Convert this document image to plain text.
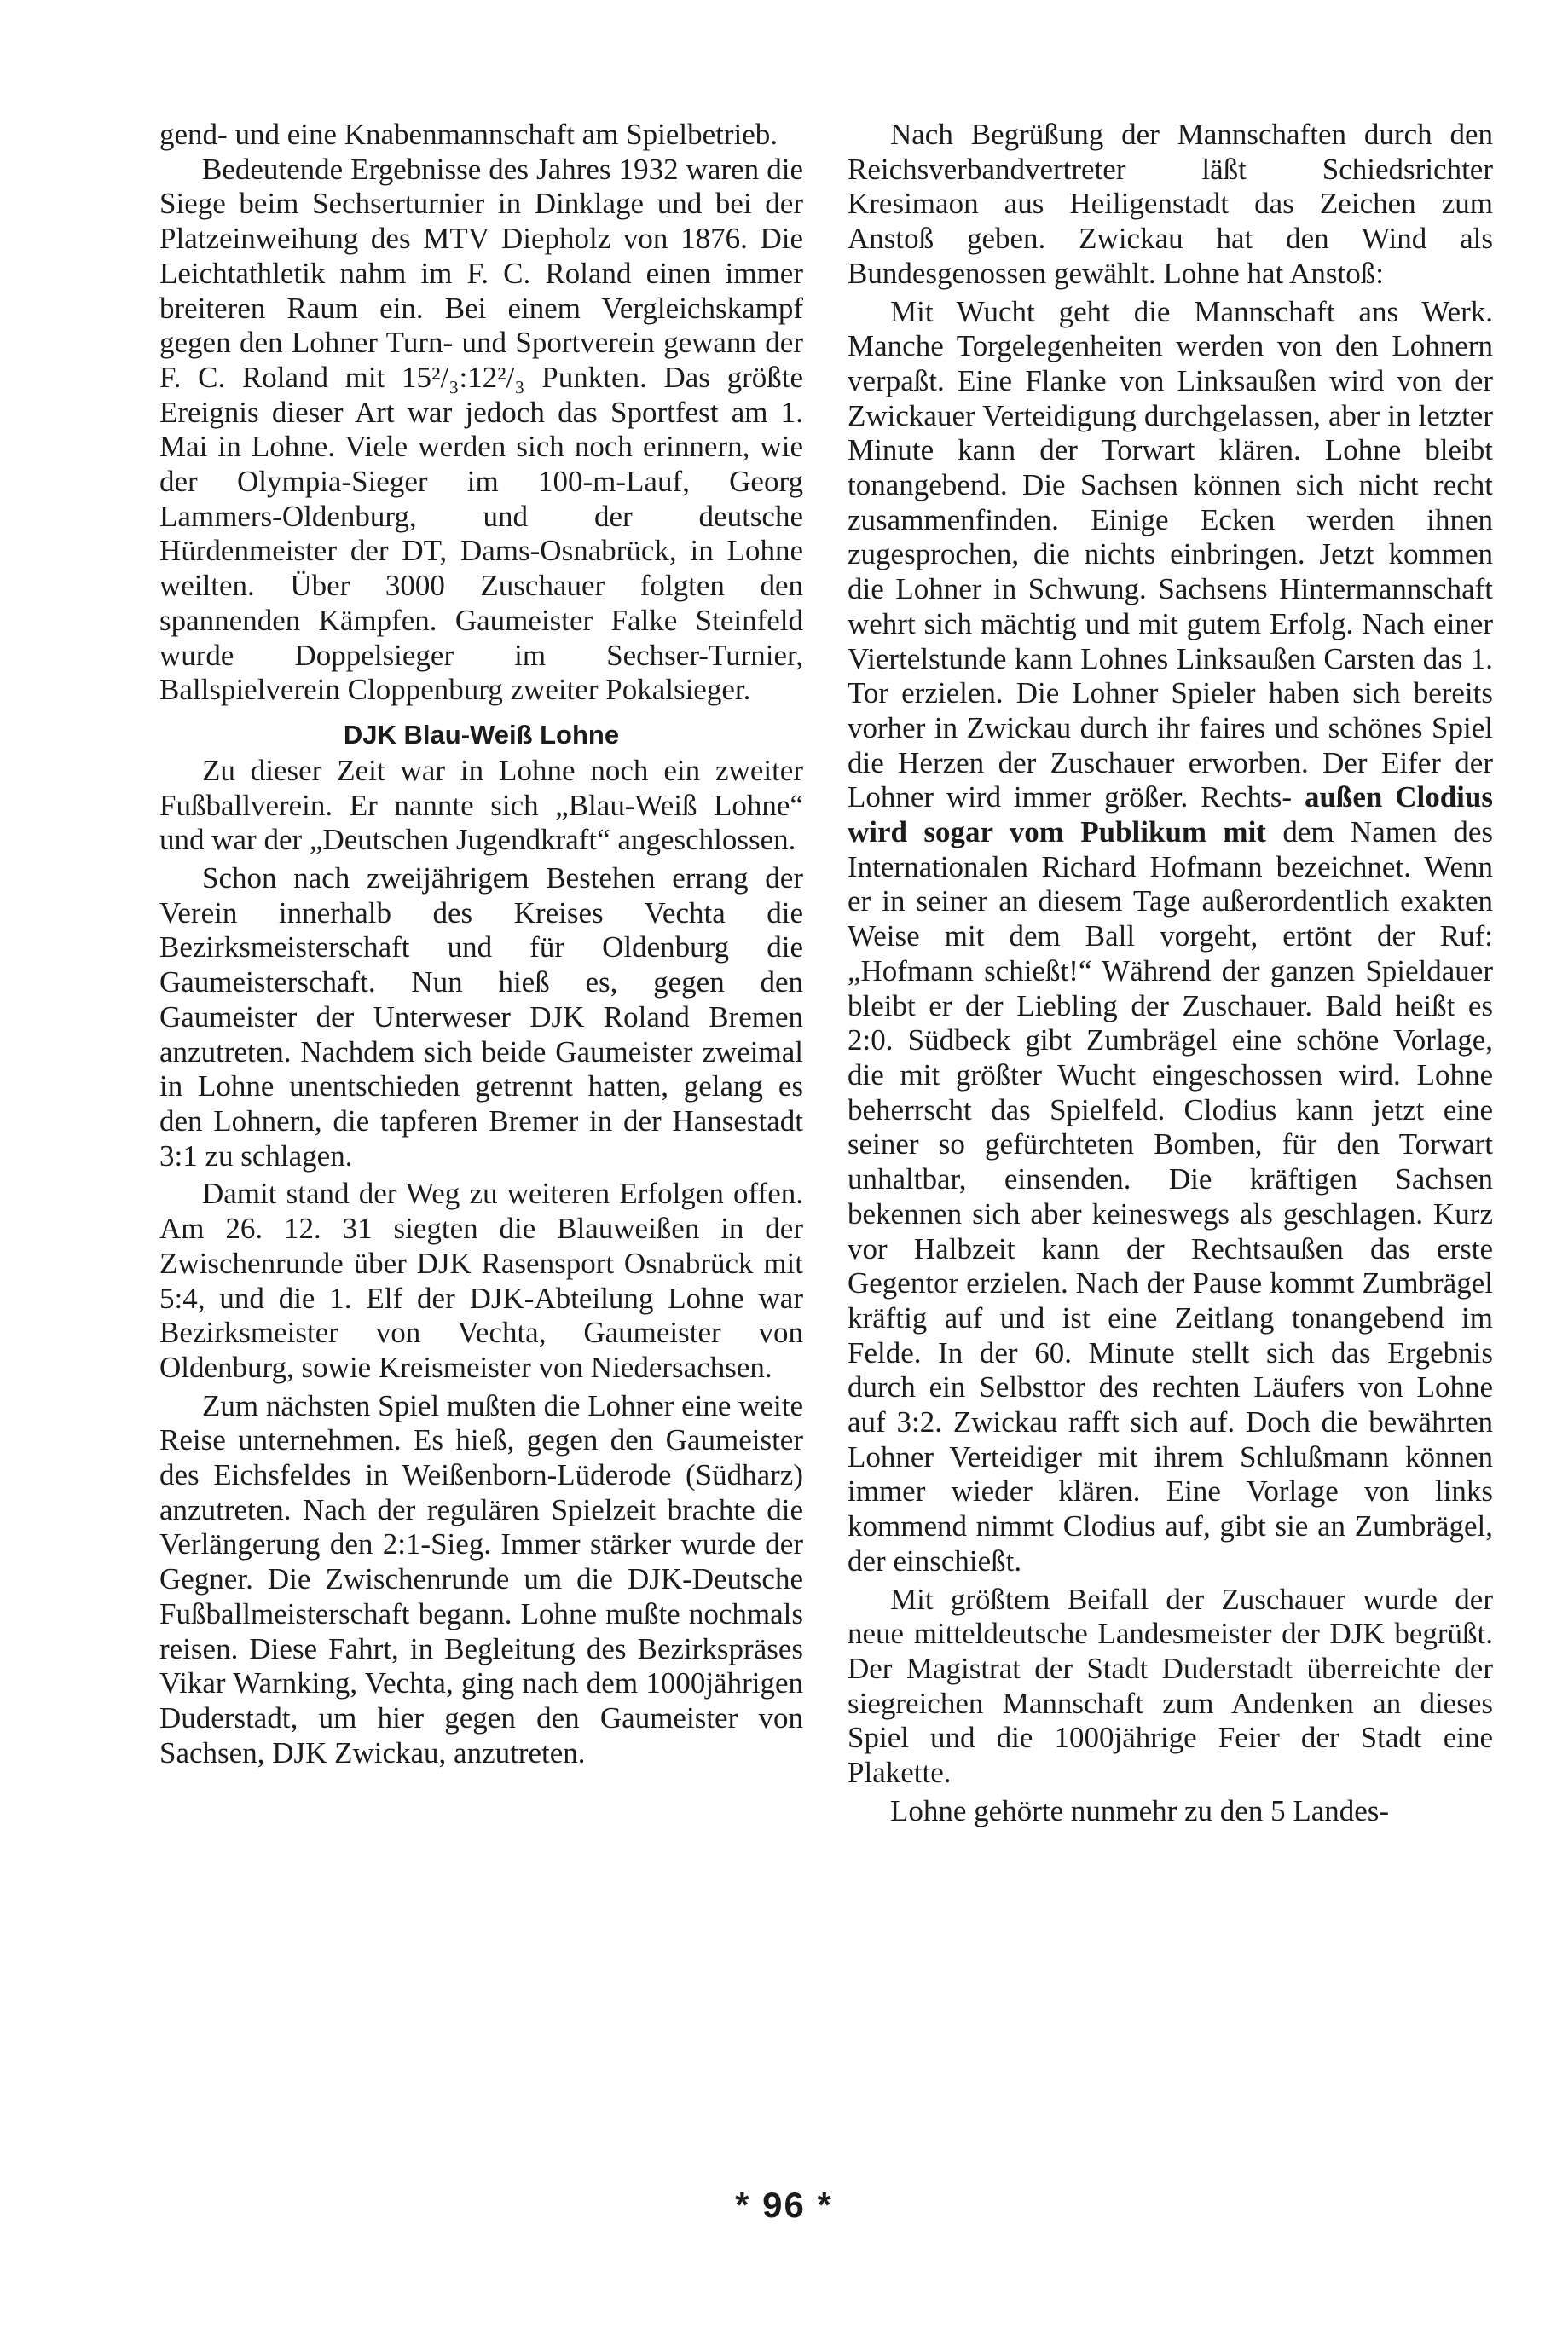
gend- und eine Knabenmannschaft am Spielbetrieb.

Bedeutende Ergebnisse des Jahres 1932 waren die Siege beim Sechserturnier in Dinklage und bei der Platzeinweihung des MTV Diepholz von 1876. Die Leichtathletik nahm im F. C. Roland einen immer breiteren Raum ein. Bei einem Vergleichskampf gegen den Lohner Turn- und Sportverein gewann der F. C. Roland mit 15²/₃:12²/₃ Punkten. Das größte Ereignis dieser Art war jedoch das Sportfest am 1. Mai in Lohne. Viele werden sich noch erinnern, wie der Olympia-Sieger im 100-m-Lauf, Georg Lammers-Oldenburg, und der deutsche Hürdenmeister der DT, Dams-Osnabrück, in Lohne weilten. Über 3000 Zuschauer folgten den spannenden Kämpfen. Gaumeister Falke Steinfeld wurde Doppelsieger im Sechser-Turnier, Ballspielverein Cloppenburg zweiter Pokalsieger.

DJK Blau-Weiß Lohne

Zu dieser Zeit war in Lohne noch ein zweiter Fußballverein. Er nannte sich „Blau-Weiß Lohne“ und war der „Deutschen Jugendkraft“ angeschlossen.

Schon nach zweijährigem Bestehen errang der Verein innerhalb des Kreises Vechta die Bezirksmeisterschaft und für Oldenburg die Gaumeisterschaft. Nun hieß es, gegen den Gaumeister der Unterweser DJK Roland Bremen anzutreten. Nachdem sich beide Gaumeister zweimal in Lohne unentschieden getrennt hatten, gelang es den Lohnern, die tapferen Bremer in der Hansestadt 3:1 zu schlagen.

Damit stand der Weg zu weiteren Erfolgen offen. Am 26. 12. 31 siegten die Blauweißen in der Zwischenrunde über DJK Rasensport Osnabrück mit 5:4, und die 1. Elf der DJK-Abteilung Lohne war Bezirksmeister von Vechta, Gaumeister von Oldenburg, sowie Kreismeister von Niedersachsen.

Zum nächsten Spiel mußten die Lohner eine weite Reise unternehmen. Es hieß, gegen den Gaumeister des Eichsfeldes in Weißenborn-Lüderode (Südharz) anzutreten. Nach der regulären Spielzeit brachte die Verlängerung den 2:1-Sieg. Immer stärker wurde der Gegner. Die Zwischenrunde um die DJK-Deutsche Fußballmeisterschaft begann. Lohne mußte nochmals reisen. Diese Fahrt, in Begleitung des Bezirkspräses Vikar Warnking, Vechta, ging nach dem 1000jährigen Duderstadt, um hier gegen den Gaumeister von Sachsen, DJK Zwickau, anzutreten.

Nach Begrüßung der Mannschaften durch den Reichsverbandvertreter läßt Schiedsrichter Kresimaon aus Heiligenstadt das Zeichen zum Anstoß geben. Zwickau hat den Wind als Bundesgenossen gewählt. Lohne hat Anstoß:

Mit Wucht geht die Mannschaft ans Werk. Manche Torgelegenheiten werden von den Lohnern verpaßt. Eine Flanke von Linksaußen wird von der Zwickauer Verteidigung durchgelassen, aber in letzter Minute kann der Torwart klären. Lohne bleibt tonangebend. Die Sachsen können sich nicht recht zusammenfinden. Einige Ecken werden ihnen zugesprochen, die nichts einbringen. Jetzt kommen die Lohner in Schwung. Sachsens Hintermannschaft wehrt sich mächtig und mit gutem Erfolg. Nach einer Viertelstunde kann Lohnes Linksaußen Carsten das 1. Tor erzielen. Die Lohner Spieler haben sich bereits vorher in Zwickau durch ihr faires und schönes Spiel die Herzen der Zuschauer erworben. Der Eifer der Lohner wird immer größer. Rechts- außen Clodius wird sogar vom Publikum mit dem Namen des Internationalen Richard Hofmann bezeichnet. Wenn er in seiner an diesem Tage außerordentlich exakten Weise mit dem Ball vorgeht, ertönt der Ruf: „Hofmann schießt!“ Während der ganzen Spieldauer bleibt er der Liebling der Zuschauer. Bald heißt es 2:0. Südbeck gibt Zumbrägel eine schöne Vorlage, die mit größter Wucht eingeschossen wird. Lohne beherrscht das Spielfeld. Clodius kann jetzt eine seiner so gefürchteten Bomben, für den Torwart unhaltbar, einsenden. Die kräftigen Sachsen bekennen sich aber keineswegs als geschlagen. Kurz vor Halbzeit kann der Rechtsaußen das erste Gegentor erzielen. Nach der Pause kommt Zumbrägel kräftig auf und ist eine Zeitlang tonangebend im Felde. In der 60. Minute stellt sich das Ergebnis durch ein Selbsttor des rechten Läufers von Lohne auf 3:2. Zwickau rafft sich auf. Doch die bewährten Lohner Verteidiger mit ihrem Schlußmann können immer wieder klären. Eine Vorlage von links kommend nimmt Clodius auf, gibt sie an Zumbrägel, der einschießt.

Mit größtem Beifall der Zuschauer wurde der neue mitteldeutsche Landesmeister der DJK begrüßt. Der Magistrat der Stadt Duderstadt überreichte der siegreichen Mannschaft zum Andenken an dieses Spiel und die 1000jährige Feier der Stadt eine Plakette.

Lohne gehörte nunmehr zu den 5 Landes-

* 96 *
